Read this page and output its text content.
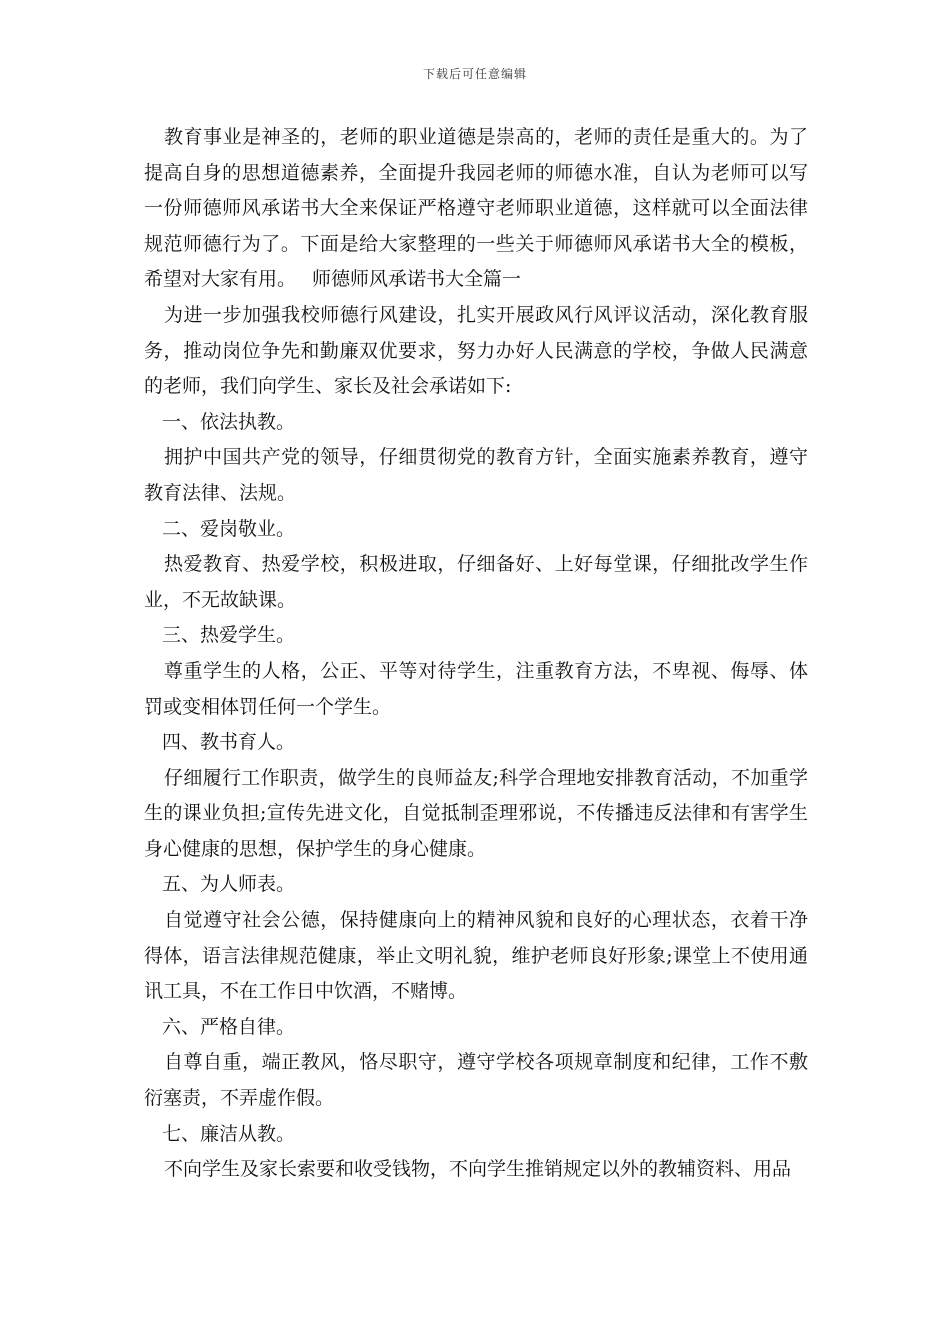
下载后可任意编辑

教育事业是神圣的，老师的职业道德是崇高的，老师的责任是重大的。为了提高自身的思想道德素养，全面提升我园老师的师德水准，自认为老师可以写一份师德师风承诺书大全来保证严格遵守老师职业道德，这样就可以全面法律规范师德行为了。下面是给大家整理的一些关于师德师风承诺书大全的模板，希望对大家有用。 师德师风承诺书大全篇一

为进一步加强我校师德行风建设，扎实开展政风行风评议活动，深化教育服务，推动岗位争先和勤廉双优要求，努力办好人民满意的学校，争做人民满意的老师，我们向学生、家长及社会承诺如下:

一、依法执教。

拥护中国共产党的领导，仔细贯彻党的教育方针，全面实施素养教育，遵守教育法律、法规。

二、爱岗敬业。

热爱教育、热爱学校，积极进取，仔细备好、上好每堂课，仔细批改学生作业，不无故缺课。

三、热爱学生。

尊重学生的人格，公正、平等对待学生，注重教育方法，不卑视、侮辱、体罚或变相体罚任何一个学生。

四、教书育人。

仔细履行工作职责，做学生的良师益友;科学合理地安排教育活动，不加重学生的课业负担;宣传先进文化，自觉抵制歪理邪说，不传播违反法律和有害学生身心健康的思想，保护学生的身心健康。

五、为人师表。

自觉遵守社会公德，保持健康向上的精神风貌和良好的心理状态，衣着干净得体，语言法律规范健康，举止文明礼貌，维护老师良好形象;课堂上不使用通讯工具，不在工作日中饮酒，不赌博。

六、严格自律。

自尊自重，端正教风，恪尽职守，遵守学校各项规章制度和纪律，工作不敷衍塞责，不弄虚作假。

七、廉洁从教。

不向学生及家长索要和收受钱物，不向学生推销规定以外的教辅资料、用品
